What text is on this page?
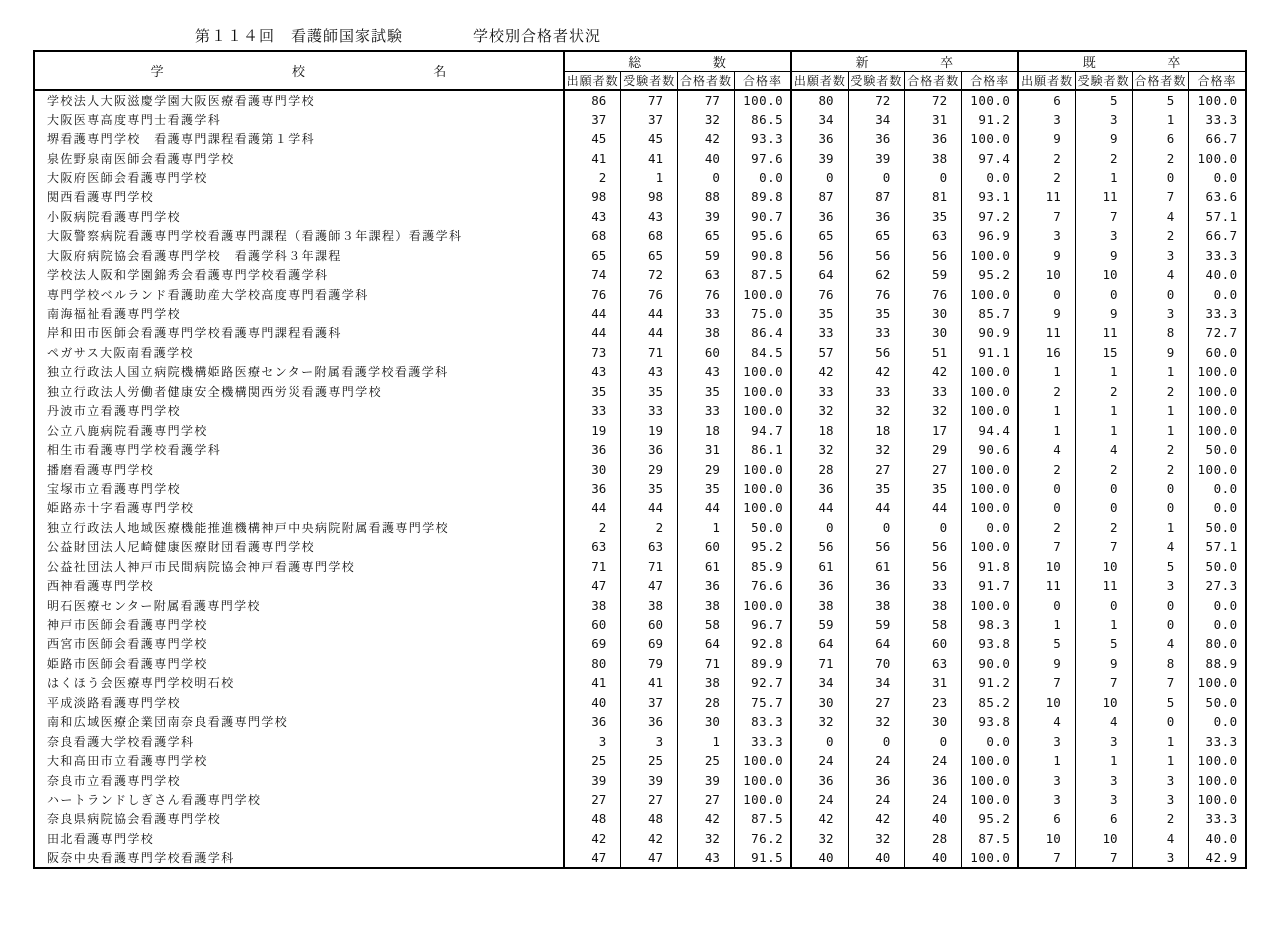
第１１４回 看護師国家試験	学校別合格者状況
学 校 名	総 数				新 卒				既 卒			

	出願者数	受験者数	合格者数	合格率	出願者数	受験者数	合格者数	合格率	出願者数	受験者数	合格者数	合格率
学校法人大阪滋慶学園大阪医療看護専門学校	86	77	77	100.0	80	72	72	100.0	6	5	5	100.0
大阪医専高度専門士看護学科	37	37	32	86.5	34	34	31	91.2	3	3	1	33.3
堺看護専門学校　看護専門課程看護第１学科	45	45	42	93.3	36	36	36	100.0	9	9	6	66.7
泉佐野泉南医師会看護専門学校	41	41	40	97.6	39	39	38	97.4	2	2	2	100.0
大阪府医師会看護専門学校	2	1	0	0.0	0	0	0	0.0	2	1	0	0.0
関西看護専門学校	98	98	88	89.8	87	87	81	93.1	11	11	7	63.6
小阪病院看護専門学校	43	43	39	90.7	36	36	35	97.2	7	7	4	57.1
大阪警察病院看護専門学校看護専門課程（看護師３年課程）看護学科	68	68	65	95.6	65	65	63	96.9	3	3	2	66.7
大阪府病院協会看護専門学校　看護学科３年課程	65	65	59	90.8	56	56	56	100.0	9	9	3	33.3
学校法人阪和学園錦秀会看護専門学校看護学科	74	72	63	87.5	64	62	59	95.2	10	10	4	40.0
専門学校ベルランド看護助産大学校高度専門看護学科	76	76	76	100.0	76	76	76	100.0	0	0	0	0.0
南海福祉看護専門学校	44	44	33	75.0	35	35	30	85.7	9	9	3	33.3
岸和田市医師会看護専門学校看護専門課程看護科	44	44	38	86.4	33	33	30	90.9	11	11	8	72.7
ペガサス大阪南看護学校	73	71	60	84.5	57	56	51	91.1	16	15	9	60.0
独立行政法人国立病院機構姫路医療センター附属看護学校看護学科	43	43	43	100.0	42	42	42	100.0	1	1	1	100.0
独立行政法人労働者健康安全機構関西労災看護専門学校	35	35	35	100.0	33	33	33	100.0	2	2	2	100.0
丹波市立看護専門学校	33	33	33	100.0	32	32	32	100.0	1	1	1	100.0
公立八鹿病院看護専門学校	19	19	18	94.7	18	18	17	94.4	1	1	1	100.0
相生市看護専門学校看護学科	36	36	31	86.1	32	32	29	90.6	4	4	2	50.0
播磨看護専門学校	30	29	29	100.0	28	27	27	100.0	2	2	2	100.0
宝塚市立看護専門学校	36	35	35	100.0	36	35	35	100.0	0	0	0	0.0
姫路赤十字看護専門学校	44	44	44	100.0	44	44	44	100.0	0	0	0	0.0
独立行政法人地域医療機能推進機構神戸中央病院附属看護専門学校	2	2	1	50.0	0	0	0	0.0	2	2	1	50.0
公益財団法人尼崎健康医療財団看護専門学校	63	63	60	95.2	56	56	56	100.0	7	7	4	57.1
公益社団法人神戸市民間病院協会神戸看護専門学校	71	71	61	85.9	61	61	56	91.8	10	10	5	50.0
西神看護専門学校	47	47	36	76.6	36	36	33	91.7	11	11	3	27.3
明石医療センター附属看護専門学校	38	38	38	100.0	38	38	38	100.0	0	0	0	0.0
神戸市医師会看護専門学校	60	60	58	96.7	59	59	58	98.3	1	1	0	0.0
西宮市医師会看護専門学校	69	69	64	92.8	64	64	60	93.8	5	5	4	80.0
姫路市医師会看護専門学校	80	79	71	89.9	71	70	63	90.0	9	9	8	88.9
はくほう会医療専門学校明石校	41	41	38	92.7	34	34	31	91.2	7	7	7	100.0
平成淡路看護専門学校	40	37	28	75.7	30	27	23	85.2	10	10	5	50.0
南和広域医療企業団南奈良看護専門学校	36	36	30	83.3	32	32	30	93.8	4	4	0	0.0
奈良看護大学校看護学科	3	3	1	33.3	0	0	0	0.0	3	3	1	33.3
大和高田市立看護専門学校	25	25	25	100.0	24	24	24	100.0	1	1	1	100.0
奈良市立看護専門学校	39	39	39	100.0	36	36	36	100.0	3	3	3	100.0
ハートランドしぎさん看護専門学校	27	27	27	100.0	24	24	24	100.0	3	3	3	100.0
奈良県病院協会看護専門学校	48	48	42	87.5	42	42	40	95.2	6	6	2	33.3
田北看護専門学校	42	42	32	76.2	32	32	28	87.5	10	10	4	40.0
阪奈中央看護専門学校看護学科	47	47	43	91.5	40	40	40	100.0	7	7	3	42.9
